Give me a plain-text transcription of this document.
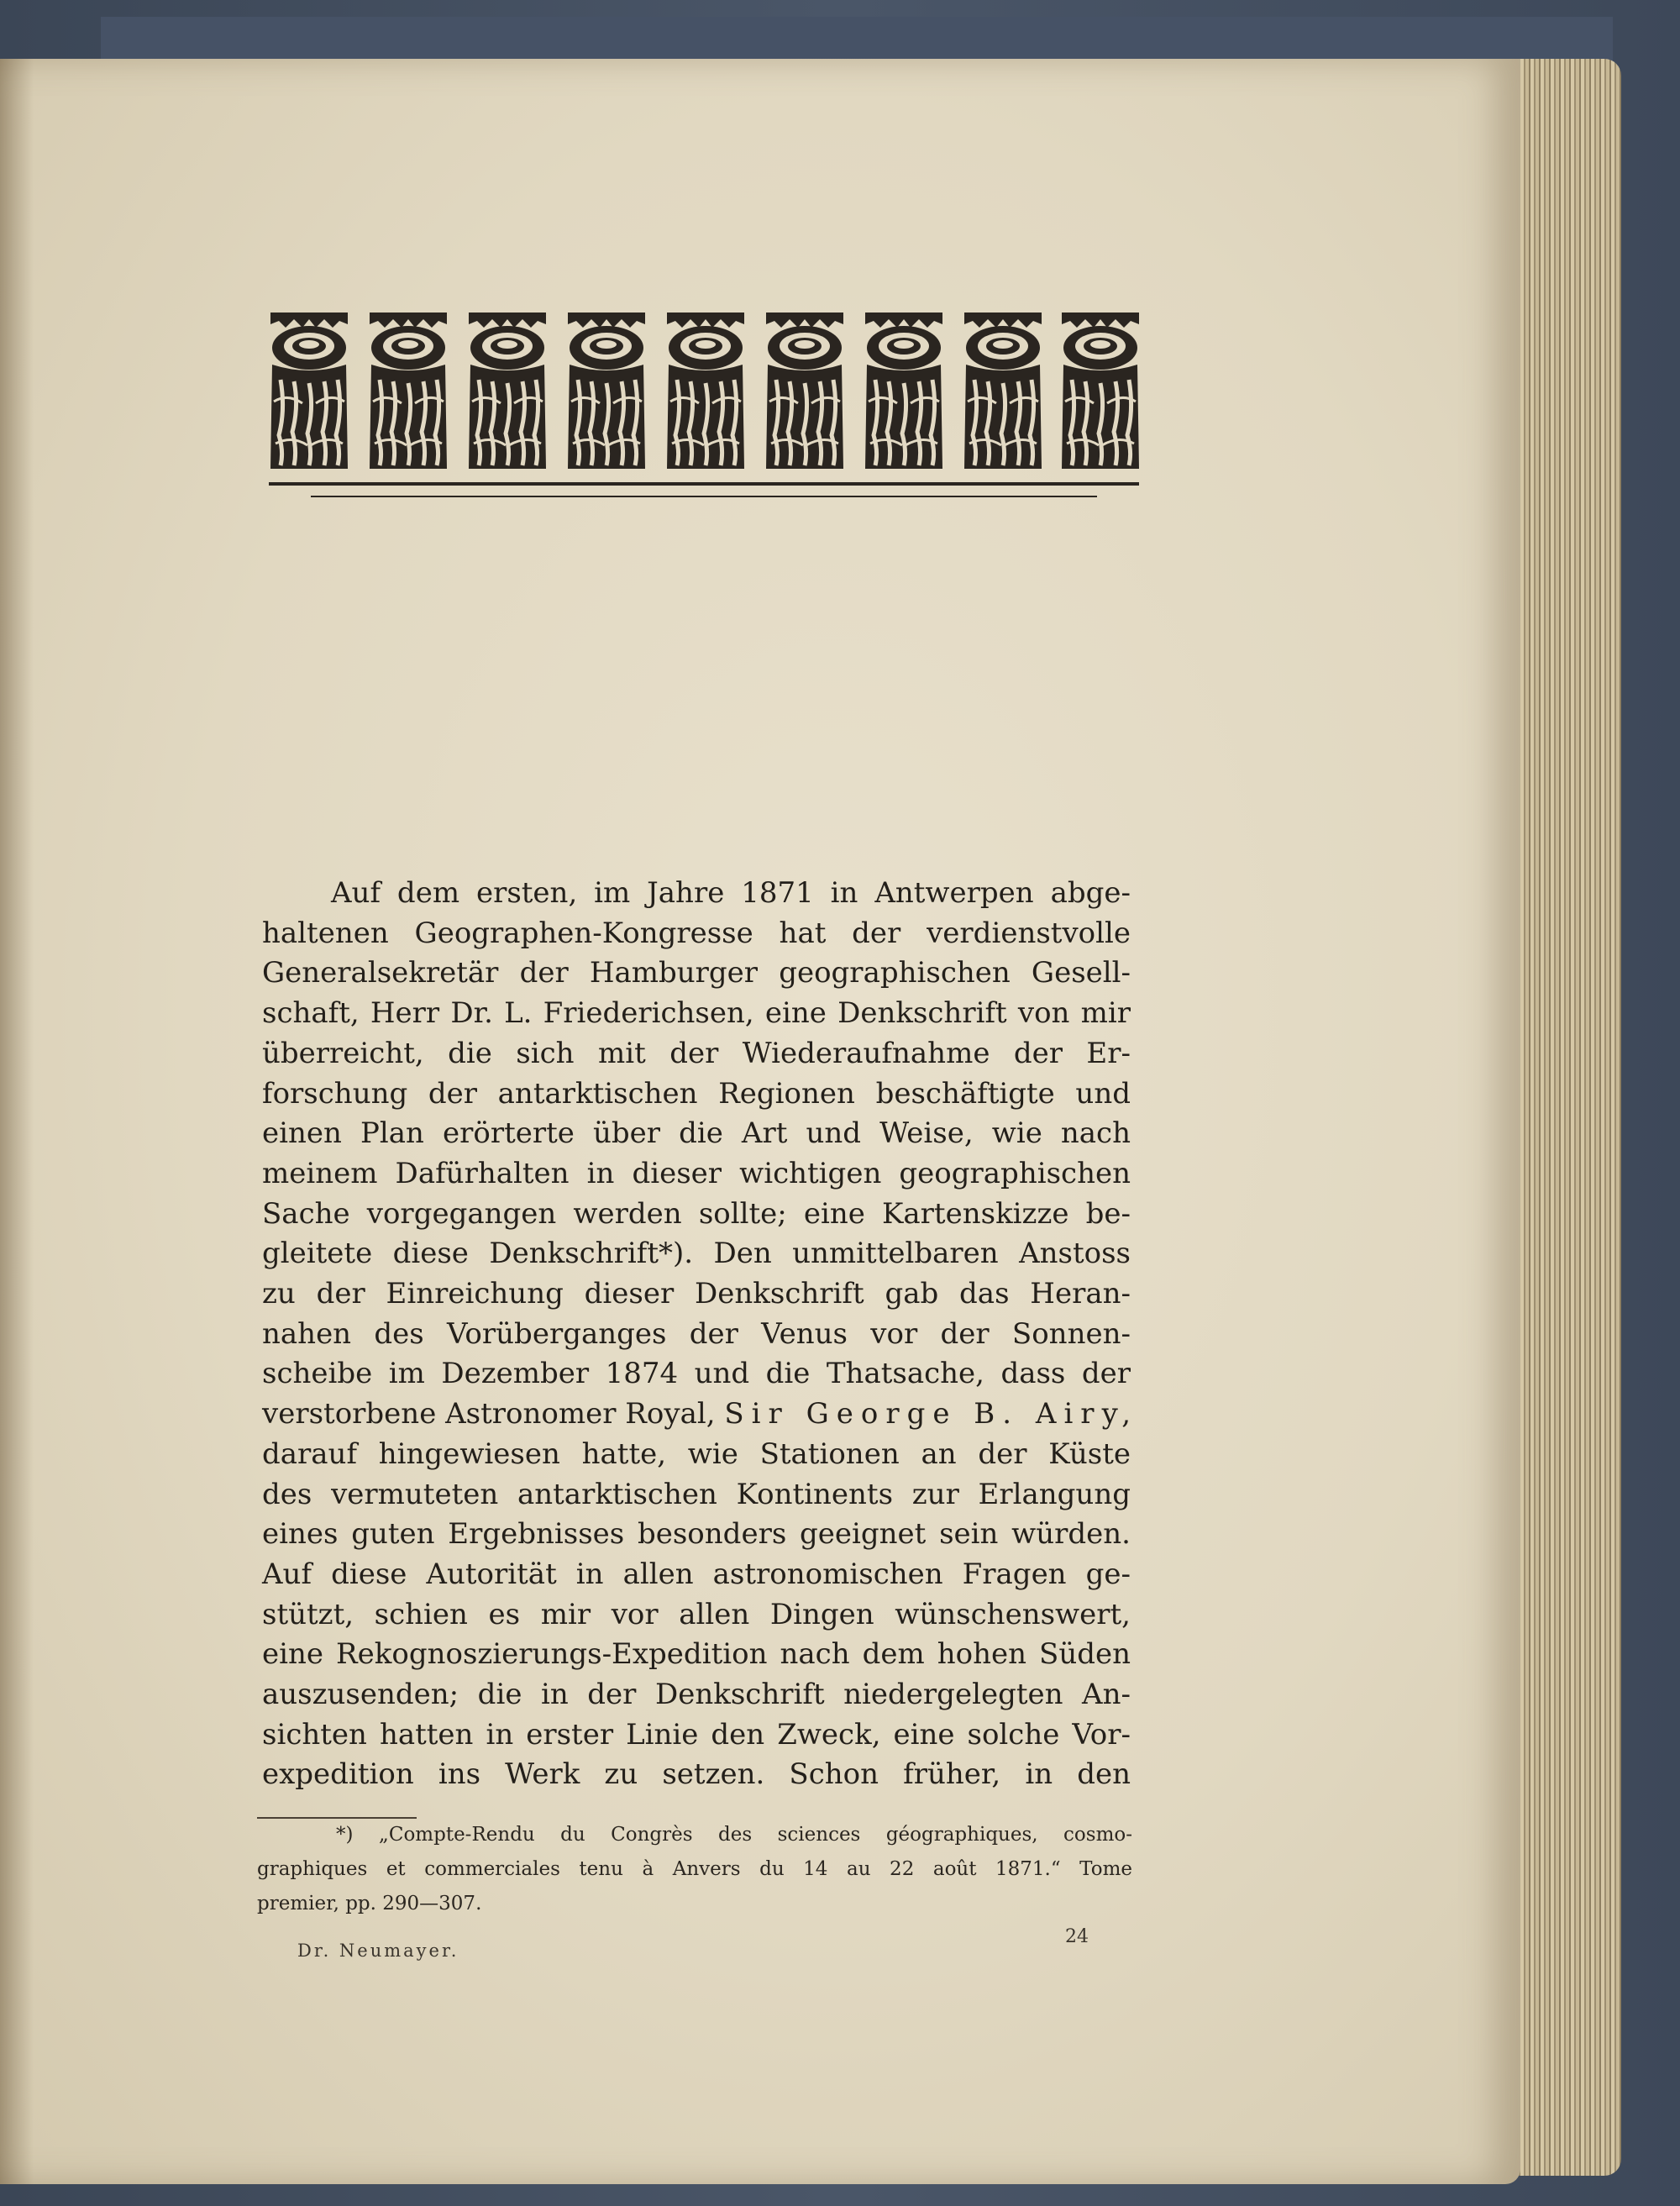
Auf dem ersten, im Jahre 1871 in Antwerpen abge-
haltenen Geographen-Kongresse hat der verdienstvolle
Generalsekretär der Hamburger geographischen Gesell-
schaft, Herr Dr. L. Friederichsen, eine Denkschrift von mir
überreicht, die sich mit der Wiederaufnahme der Er-
forschung der antarktischen Regionen beschäftigte und
einen Plan erörterte über die Art und Weise, wie nach
meinem Dafürhalten in dieser wichtigen geographischen
Sache vorgegangen werden sollte; eine Kartenskizze be-
gleitete diese Denkschrift*). Den unmittelbaren Anstoss
zu der Einreichung dieser Denkschrift gab das Heran-
nahen des Vorüberganges der Venus vor der Sonnen-
scheibe im Dezember 1874 und die Thatsache, dass der
verstorbene Astronomer Royal, Sir George B. Airy,
darauf hingewiesen hatte, wie Stationen an der Küste
des vermuteten antarktischen Kontinents zur Erlangung
eines guten Ergebnisses besonders geeignet sein würden.
Auf diese Autorität in allen astronomischen Fragen ge-
stützt, schien es mir vor allen Dingen wünschenswert,
eine Rekognoszierungs-Expedition nach dem hohen Süden
auszusenden; die in der Denkschrift niedergelegten An-
sichten hatten in erster Linie den Zweck, eine solche Vor-
expedition ins Werk zu setzen. Schon früher, in den
*) „Compte-Rendu du Congrès des sciences géographiques, cosmo-
graphiques et commerciales tenu à Anvers du 14 au 22 août 1871.“ Tome
premier, pp. 290—307.
Dr. Neumayer.
24
